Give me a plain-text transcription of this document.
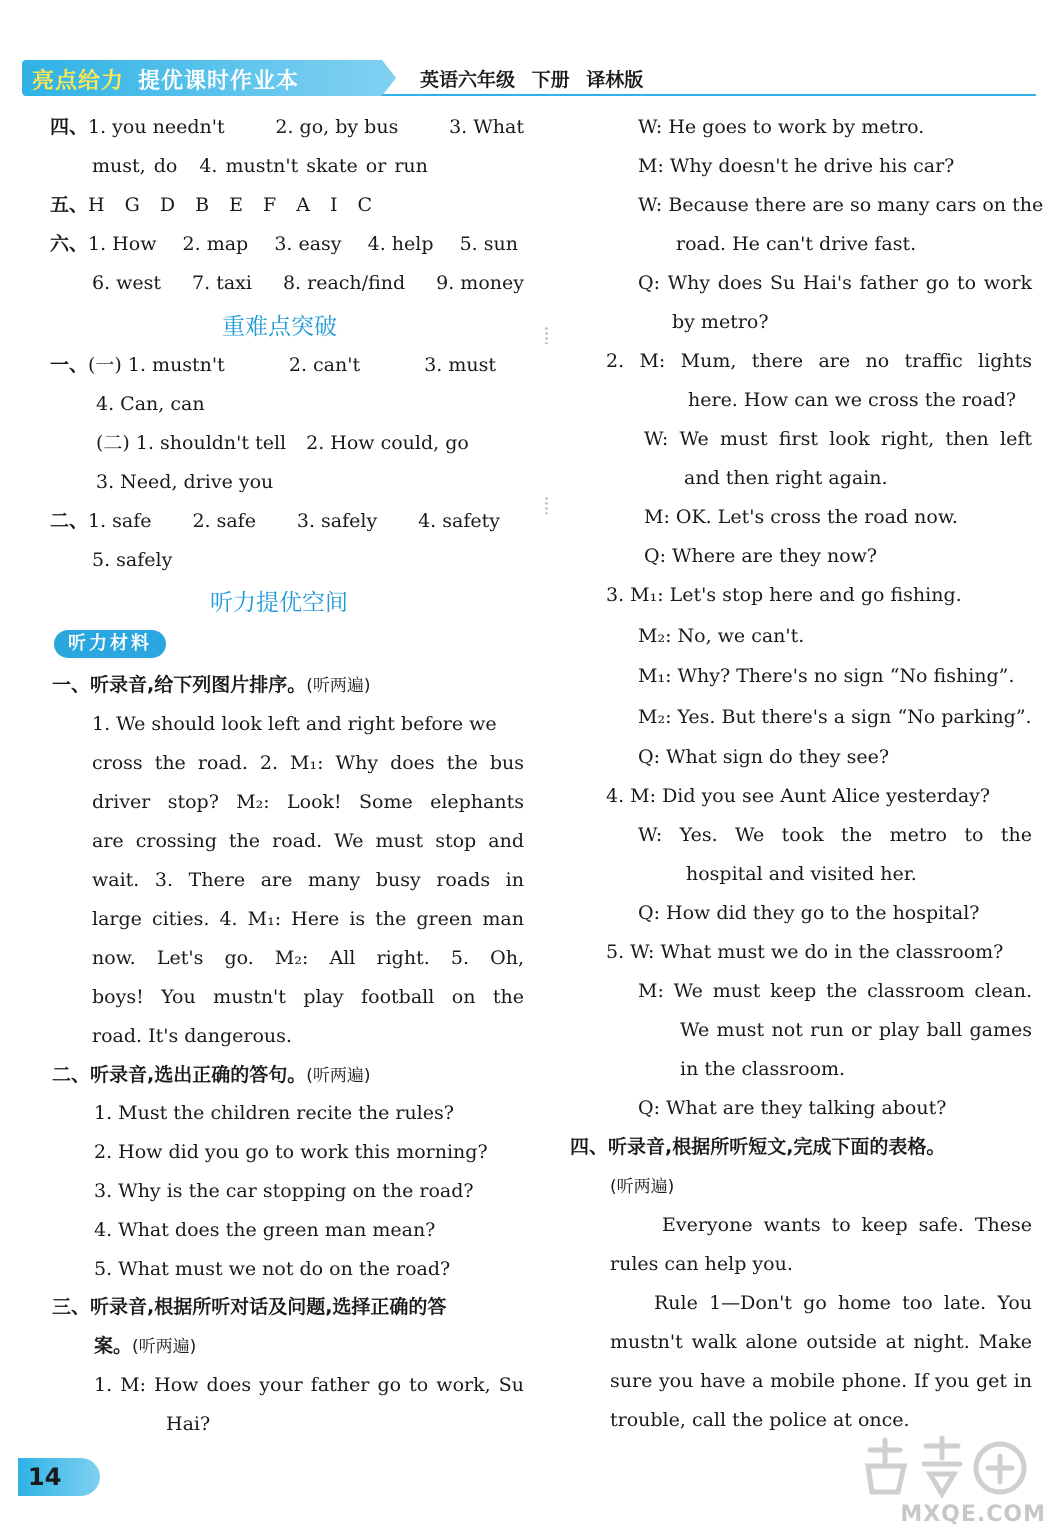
亮点给力 提优课时作业本	英语六年级 下册 译林版
四、1. you needn't	2. go, by bus	3. What
must, do 4. mustn't skate or run
五、H G D B E F A I C
六、1. How 2. map 3. easy 4. help 5. sun
6. west 7. taxi 8. reach/find 9. money
重难点突破
一、(一) 1. mustn't	2. can't	3. must
4. Can, can
(二) 1. shouldn't tell 2. How could, go
3. Need, drive you
二、1. safe 2. safe 3. safely 4. safety
5. safely
听力提优空间
听力材料
一、听录音,给下列图片排序。(听两遍)
1. We should look left and right before we
cross the road. 2. M₁: Why does the bus
driver stop? M₂: Look! Some elephants
are crossing the road. We must stop and
wait. 3. There are many busy roads in
large cities. 4. M₁: Here is the green man
now. Let's go. M₂: All right. 5. Oh,
boys! You mustn't play football on the
road. It's dangerous.
二、听录音,选出正确的答句。(听两遍)
1. Must the children recite the rules?
2. How did you go to work this morning?
3. Why is the car stopping on the road?
4. What does the green man mean?
5. What must we not do on the road?
三、听录音,根据所听对话及问题,选择正确的答
案。(听两遍)
1. M: How does your father go to work, Su
Hai?
W: He goes to work by metro.
M: Why doesn't he drive his car?
W: Because there are so many cars on the
road. He can't drive fast.
Q: Why does Su Hai's father go to work
by metro?
2. M: Mum, there are no traffic lights
here. How can we cross the road?
W: We must first look right, then left
and then right again.
M: OK. Let's cross the road now.
Q: Where are they now?
3. M₁: Let's stop here and go fishing.
M₂: No, we can't.
M₁: Why? There's no sign “No fishing”.
M₂: Yes. But there's a sign “No parking”.
Q: What sign do they see?
4. M: Did you see Aunt Alice yesterday?
W: Yes. We took the metro to the
hospital and visited her.
Q: How did they go to the hospital?
5. W: What must we do in the classroom?
M: We must keep the classroom clean.
We must not run or play ball games
in the classroom.
Q: What are they talking about?
四、听录音,根据所听短文,完成下面的表格。
(听两遍)
Everyone wants to keep safe. These
rules can help you.
Rule 1—Don't go home too late. You
mustn't walk alone outside at night. Make
sure you have a mobile phone. If you get in
trouble, call the police at once.
14
MXQE.COM
